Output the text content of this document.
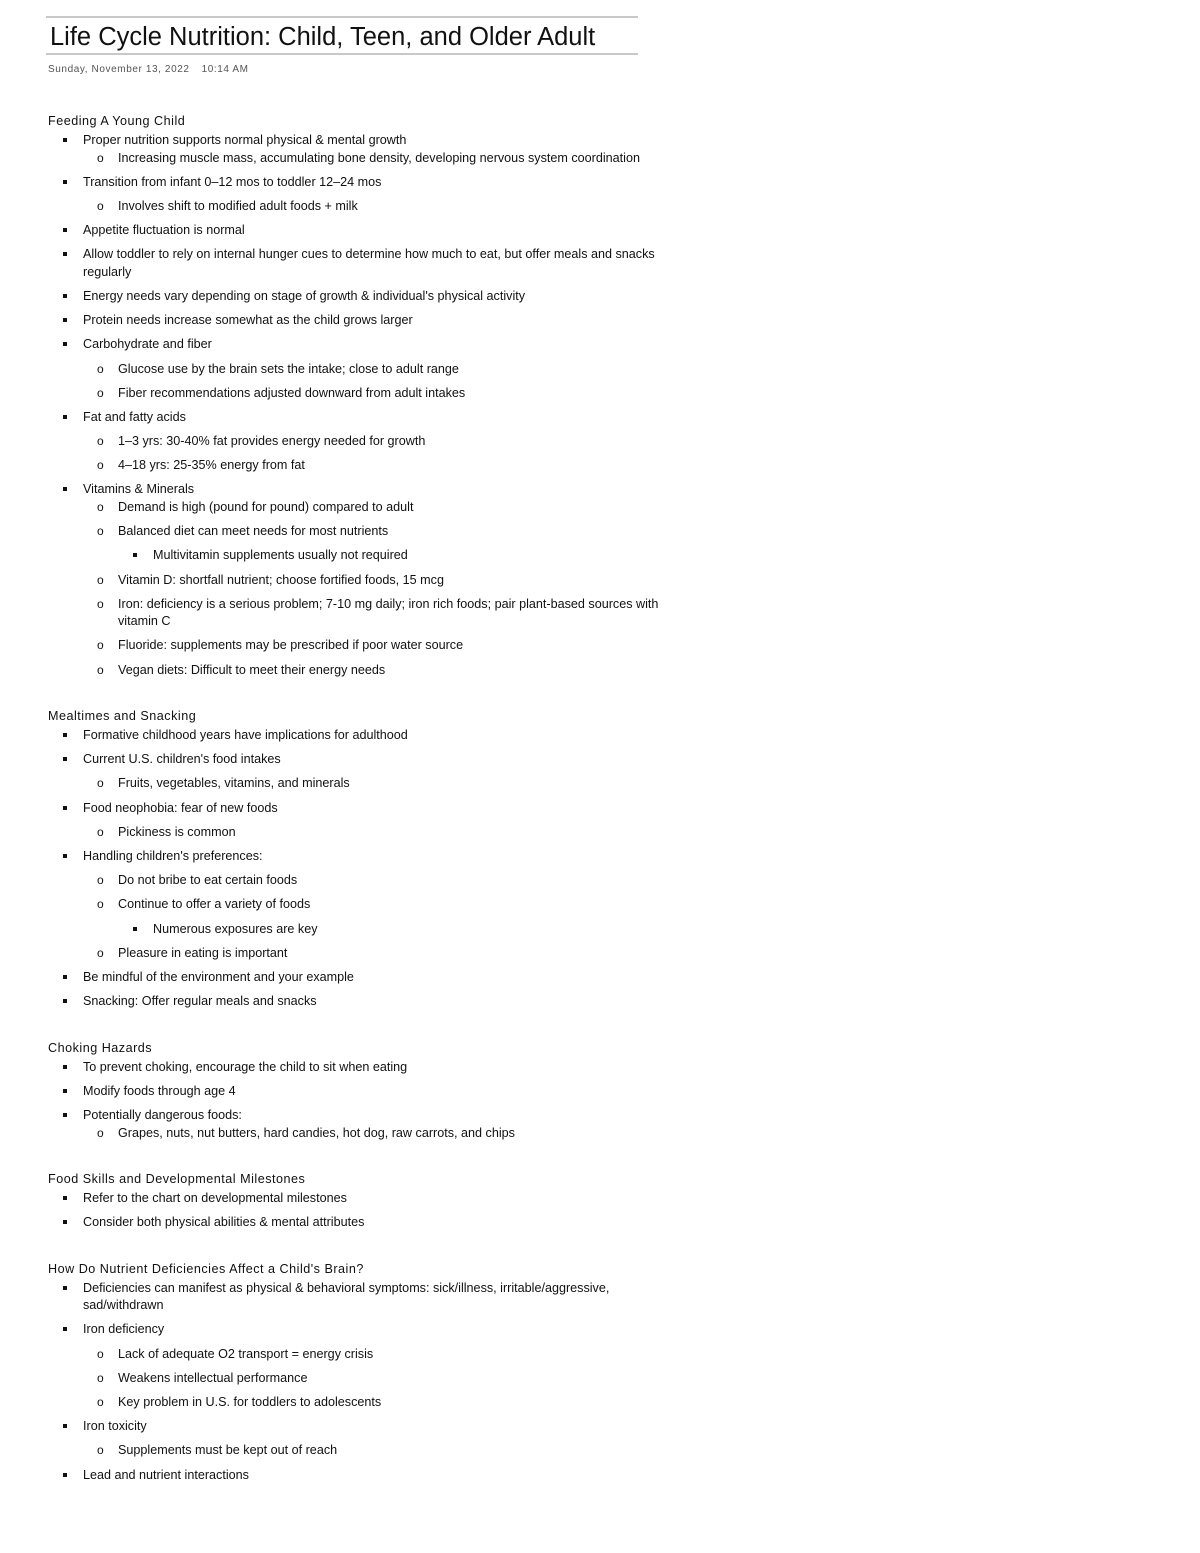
Life Cycle Nutrition: Child, Teen, and Older Adult
Sunday, November 13, 2022 10:14 AM
Feeding A Young Child
Proper nutrition supports normal physical & mental growth
o Increasing muscle mass, accumulating bone density, developing nervous system coordination
Transition from infant 0–12 mos to toddler 12–24 mos
o Involves shift to modified adult foods + milk
Appetite fluctuation is normal
Allow toddler to rely on internal hunger cues to determine how much to eat, but offer meals and snacks regularly
Energy needs vary depending on stage of growth & individual's physical activity
Protein needs increase somewhat as the child grows larger
Carbohydrate and fiber
o Glucose use by the brain sets the intake; close to adult range
o Fiber recommendations adjusted downward from adult intakes
Fat and fatty acids
o 1–3 yrs: 30-40% fat provides energy needed for growth
o 4–18 yrs: 25-35% energy from fat
Vitamins & Minerals
o Demand is high (pound for pound) compared to adult
o Balanced diet can meet needs for most nutrients
Multivitamin supplements usually not required
o Vitamin D: shortfall nutrient; choose fortified foods, 15 mcg
o Iron: deficiency is a serious problem; 7-10 mg daily; iron rich foods; pair plant-based sources with vitamin C
o Fluoride: supplements may be prescribed if poor water source
o Vegan diets: Difficult to meet their energy needs
Mealtimes and Snacking
Formative childhood years have implications for adulthood
Current U.S. children's food intakes
o Fruits, vegetables, vitamins, and minerals
Food neophobia: fear of new foods
o Pickiness is common
Handling children's preferences:
o Do not bribe to eat certain foods
o Continue to offer a variety of foods
Numerous exposures are key
o Pleasure in eating is important
Be mindful of the environment and your example
Snacking: Offer regular meals and snacks
Choking Hazards
To prevent choking, encourage the child to sit when eating
Modify foods through age 4
Potentially dangerous foods:
o Grapes, nuts, nut butters, hard candies, hot dog, raw carrots, and chips
Food Skills and Developmental Milestones
Refer to the chart on developmental milestones
Consider both physical abilities & mental attributes
How Do Nutrient Deficiencies Affect a Child's Brain?
Deficiencies can manifest as physical & behavioral symptoms: sick/illness, irritable/aggressive, sad/withdrawn
Iron deficiency
o Lack of adequate O2 transport = energy crisis
o Weakens intellectual performance
o Key problem in U.S. for toddlers to adolescents
Iron toxicity
o Supplements must be kept out of reach
Lead and nutrient interactions
